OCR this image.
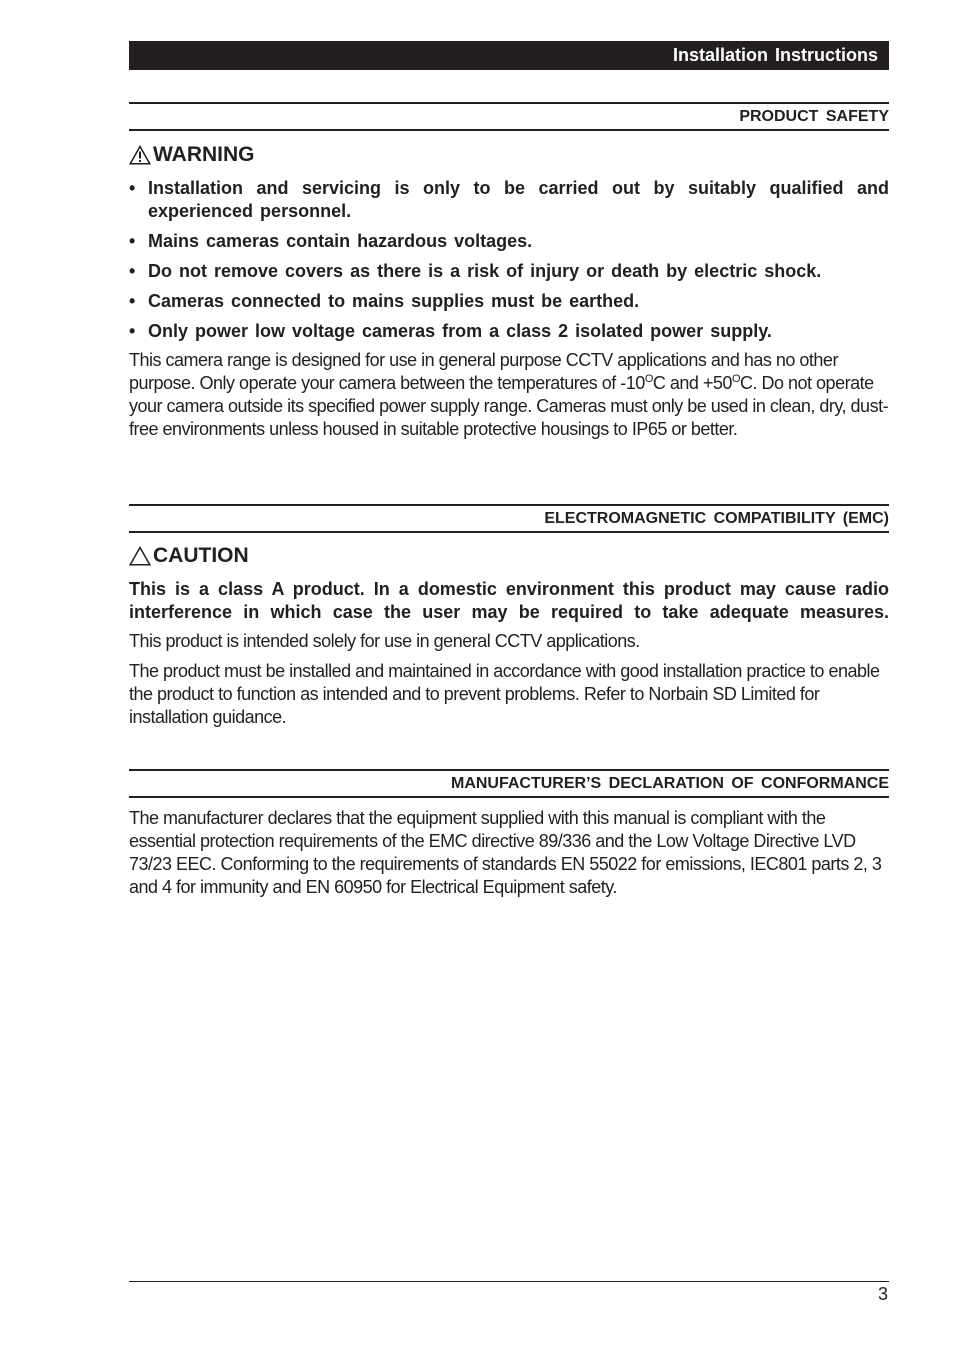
Installation Instructions
PRODUCT SAFETY
WARNING
• Installation and servicing is only to be carried out by suitably qualified and experienced personnel.
• Mains cameras contain hazardous voltages.
• Do not remove covers as there is a risk of injury or death by electric shock.
• Cameras connected to mains supplies must be earthed.
• Only power low voltage cameras from a class 2 isolated power supply.

This camera range is designed for use in general purpose CCTV applications and has no other purpose. Only operate your camera between the temperatures of $-10^OC$ and $+50^OC$. Do not operate your camera outside its specified power supply range. Cameras must only be used in clean, dry, dust-free environments unless housed in suitable protective housings to IP65 or better.

ELECTROMAGNETIC COMPATIBILITY (EMC)
CAUTION

This is a class A product. In a domestic environment this product may cause radio interference in which case the user may be required to take adequate measures.

This product is intended solely for use in general CCTV applications.

The product must be installed and maintained in accordance with good installation practice to enable the product to function as intended and to prevent problems. Refer to Norbain SD Limited for installation guidance.

MANUFACTURER’S DECLARATION OF CONFORMANCE

The manufacturer declares that the equipment supplied with this manual is compliant with the essential protection requirements of the EMC directive 89/336 and the Low Voltage Directive LVD 73/23 EEC. Conforming to the requirements of standards EN 55022 for emissions, IEC801 parts 2, 3 and 4 for immunity and EN 60950 for Electrical Equipment safety.

3
